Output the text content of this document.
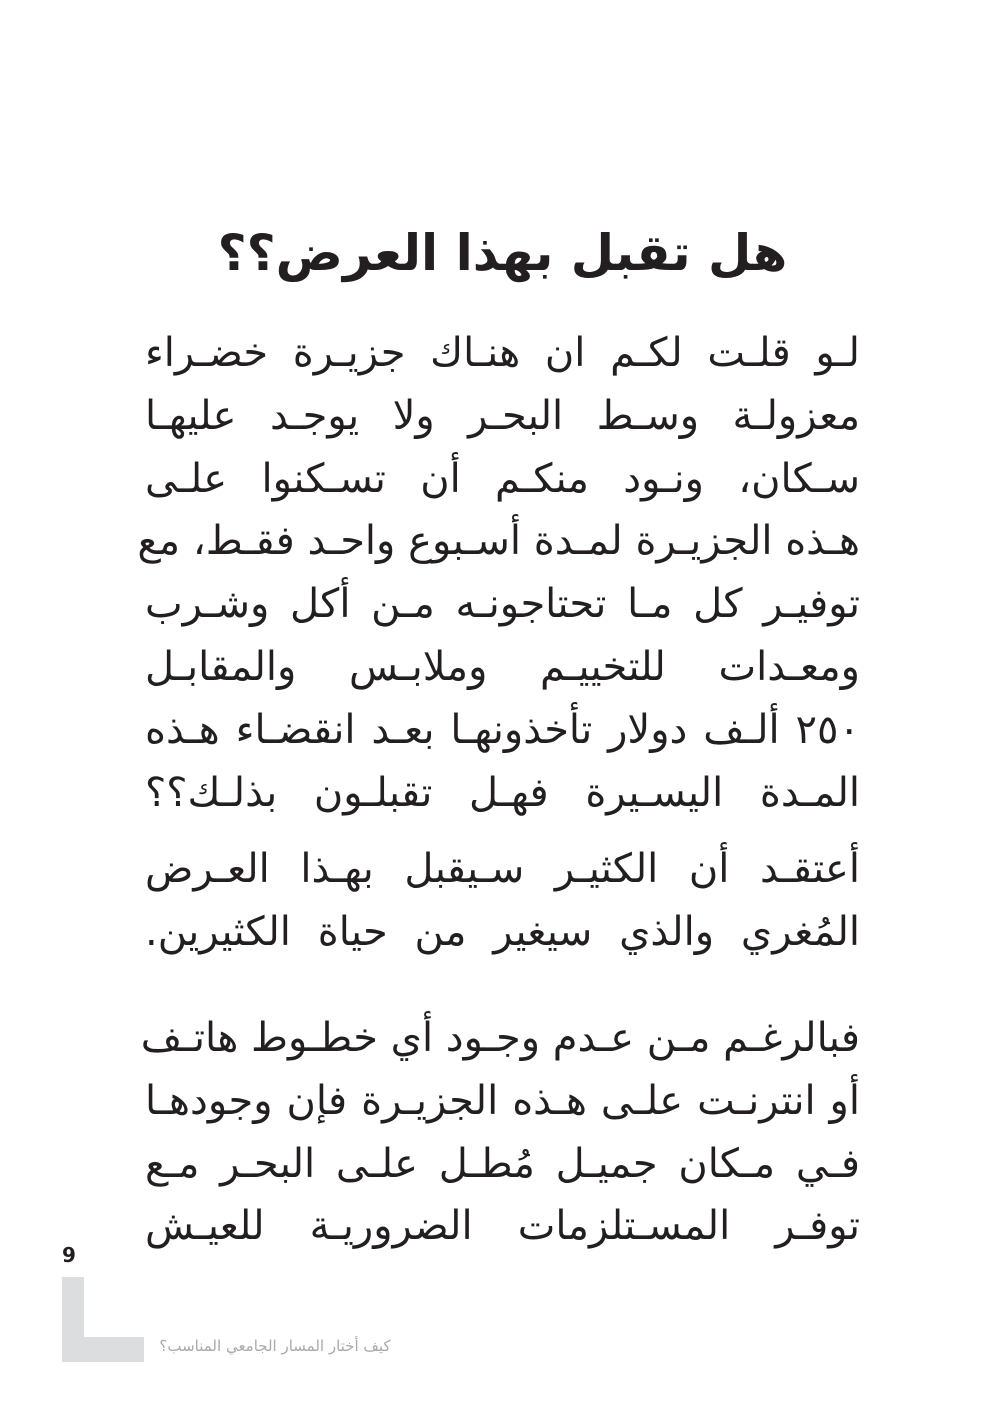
هل تقبل بهذا العرض؟؟
لـو قلـت لكـم ان هنـاك جزيـرة خضـراء
معزولـة وسـط البحـر ولا يوجـد عليهـا
سـكان، ونـود منكـم أن تسـكنوا علـى
هـذه الجزيـرة لمـدة أسـبوع واحـد فقـط، مع
توفيـر كل مـا تحتاجونـه مـن أكل وشـرب
ومعـدات للتخييـم وملابـس والمقابـل
٢٥٠ ألـف دولار تأخذونهـا بعـد انقضـاء هـذه
المـدة اليسـيرة فهـل تقبلـون بذلـك؟؟
أعتقـد أن الكثيـر سـيقبل بهـذا العـرض
المُغري والذي سيغير من حياة الكثيرين.
فبالرغـم مـن عـدم وجـود أي خطـوط هاتـف
أو انترنـت علـى هـذه الجزيـرة فإن وجودهـا
فـي مـكان جميـل مُطـل علـى البحـر مـع
توفـر المسـتلزمات الضروريـة للعيـش
9
كيف أختار المسار الجامعي المناسب؟
